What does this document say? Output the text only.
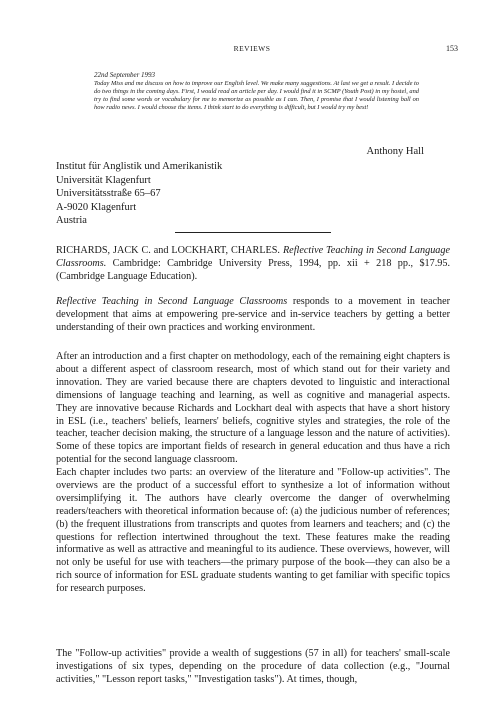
REVIEWS	153
22nd September 1993
Today Miss and me discuss on how to improve our English level. We make many suggestions. At last we get a result. I decide to do two things in the coming days. First, I would read an article per day. I would find it in SCMP (Youth Post) in my hostel, and try to find some words or vocabulary for me to memorize as possible as I can. Then, I promise that I would listening ball on how radio news. I would choose the items. I think start to do everything is difficult, but I would try my best!
Anthony Hall
Institut für Anglistik und Amerikanistik
Universität Klagenfurt
Universitätsstraße 65–67
A-9020 Klagenfurt
Austria
RICHARDS, JACK C. and LOCKHART, CHARLES. Reflective Teaching in Second Language Classrooms. Cambridge: Cambridge University Press, 1994, pp. xii + 218 pp., $17.95. (Cambridge Language Education).
Reflective Teaching in Second Language Classrooms responds to a movement in teacher development that aims at empowering pre-service and in-service teachers by getting a better understanding of their own practices and working environment.

After an introduction and a first chapter on methodology, each of the remaining eight chapters is about a different aspect of classroom research, most of which stand out for their variety and innovation. They are varied because there are chapters devoted to linguistic and interactional dimensions of language teaching and learning, as well as cognitive and managerial aspects. They are innovative because Richards and Lockhart deal with aspects that have a short history in ESL (i.e., teachers' beliefs, learners' beliefs, cognitive styles and strategies, the role of the teacher, teacher decision making, the structure of a language lesson and the nature of activities). Some of these topics are important fields of research in general education and thus have a rich potential for the second language classroom.

Each chapter includes two parts: an overview of the literature and "Follow-up activities". The overviews are the product of a successful effort to synthesize a lot of information without oversimplifying it. The authors have clearly overcome the danger of overwhelming readers/teachers with theoretical information because of: (a) the judicious number of references; (b) the frequent illustrations from transcripts and quotes from learners and teachers; and (c) the questions for reflection intertwined throughout the text. These features make the reading informative as well as attractive and meaningful to its audience. These overviews, however, will not only be useful for use with teachers—the primary purpose of the book—they can also be a rich source of information for ESL graduate students wanting to get familiar with specific topics for research purposes.

The "Follow-up activities" provide a wealth of suggestions (57 in all) for teachers' small-scale investigations of six types, depending on the procedure of data collection (e.g., "Journal activities," "Lesson report tasks," "Investigation tasks"). At times, though,
